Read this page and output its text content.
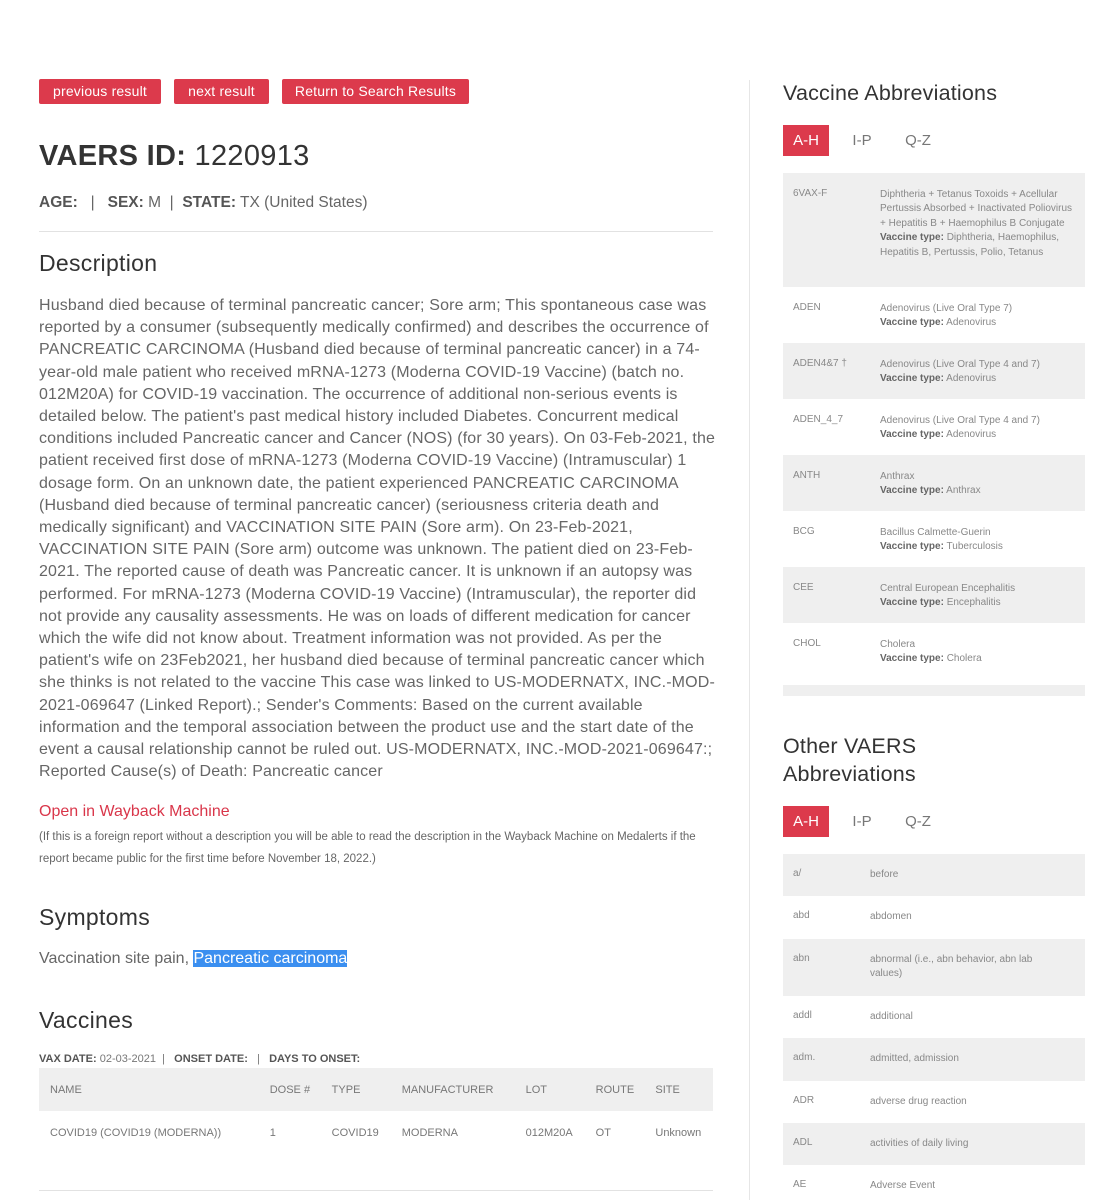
previous result	next result	Return to Search Results
VAERS ID: 1220913
AGE:   |   SEX: M  |  STATE: TX (United States)
Description
Husband died because of terminal pancreatic cancer; Sore arm; This spontaneous case was reported by a consumer (subsequently medically confirmed) and describes the occurrence of PANCREATIC CARCINOMA (Husband died because of terminal pancreatic cancer) in a 74-year-old male patient who received mRNA-1273 (Moderna COVID-19 Vaccine) (batch no. 012M20A) for COVID-19 vaccination. The occurrence of additional non-serious events is detailed below. The patient's past medical history included Diabetes. Concurrent medical conditions included Pancreatic cancer and Cancer (NOS) (for 30 years). On 03-Feb-2021, the patient received first dose of mRNA-1273 (Moderna COVID-19 Vaccine) (Intramuscular) 1 dosage form. On an unknown date, the patient experienced PANCREATIC CARCINOMA (Husband died because of terminal pancreatic cancer) (seriousness criteria death and medically significant) and VACCINATION SITE PAIN (Sore arm). On 23-Feb-2021, VACCINATION SITE PAIN (Sore arm) outcome was unknown. The patient died on 23-Feb-2021. The reported cause of death was Pancreatic cancer. It is unknown if an autopsy was performed. For mRNA-1273 (Moderna COVID-19 Vaccine) (Intramuscular), the reporter did not provide any causality assessments. He was on loads of different medication for cancer which the wife did not know about. Treatment information was not provided. As per the patient's wife on 23Feb2021, her husband died because of terminal pancreatic cancer which she thinks is not related to the vaccine This case was linked to US-MODERNATX, INC.-MOD-2021-069647 (Linked Report).; Sender's Comments: Based on the current available information and the temporal association between the product use and the start date of the event a causal relationship cannot be ruled out. US-MODERNATX, INC.-MOD-2021-069647:; Reported Cause(s) of Death: Pancreatic cancer
Open in Wayback Machine
(If this is a foreign report without a description you will be able to read the description in the Wayback Machine on Medalerts if the report became public for the first time before November 18, 2022.)
Symptoms
Vaccination site pain, Pancreatic carcinoma
Vaccines
VAX DATE: 02-03-2021  |   ONSET DATE:   |   DAYS TO ONSET:
NAME	DOSE #	TYPE	MANUFACTURER	LOT	ROUTE	SITE
COVID19 (COVID19 (MODERNA))	1	COVID19	MODERNA	012M20A	OT	Unknown
Vaccine Abbreviations
A-H	I-P	Q-Z
6VAX-F	Diphtheria + Tetanus Toxoids + Acellular Pertussis Absorbed + Inactivated Poliovirus + Hepatitis B + Haemophilus B Conjugate
Vaccine type: Diphtheria, Haemophilus, Hepatitis B, Pertussis, Polio, Tetanus
ADEN	Adenovirus (Live Oral Type 7)
Vaccine type: Adenovirus
ADEN4&7 †	Adenovirus (Live Oral Type 4 and 7)
Vaccine type: Adenovirus
ADEN_4_7	Adenovirus (Live Oral Type 4 and 7)
Vaccine type: Adenovirus
ANTH	Anthrax
Vaccine type: Anthrax
BCG	Bacillus Calmette-Guerin
Vaccine type: Tuberculosis
CEE	Central European Encephalitis
Vaccine type: Encephalitis
CHOL	Cholera
Vaccine type: Cholera
Other VAERS Abbreviations
A-H	I-P	Q-Z
a/	before
abd	abdomen
abn	abnormal (i.e., abn behavior, abn lab values)
addl	additional
adm.	admitted, admission
ADR	adverse drug reaction
ADL	activities of daily living
AE	Adverse Event
